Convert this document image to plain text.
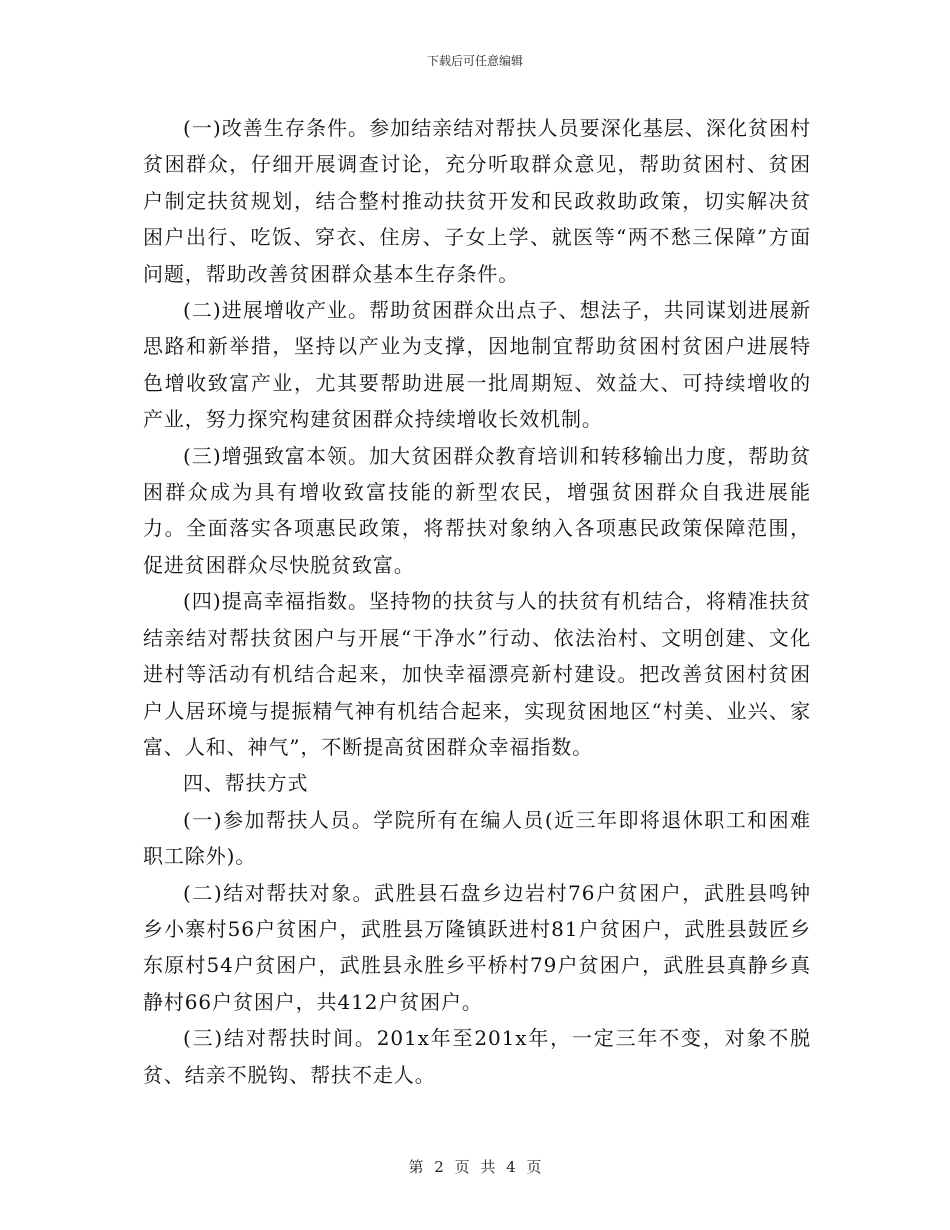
下载后可任意编辑

(一)改善生存条件。参加结亲结对帮扶人员要深化基层、深化贫困村贫困群众，仔细开展调查讨论，充分听取群众意见，帮助贫困村、贫困户制定扶贫规划，结合整村推动扶贫开发和民政救助政策，切实解决贫困户出行、吃饭、穿衣、住房、子女上学、就医等“两不愁三保障”方面问题，帮助改善贫困群众基本生存条件。

(二)进展增收产业。帮助贫困群众出点子、想法子，共同谋划进展新思路和新举措，坚持以产业为支撑，因地制宜帮助贫困村贫困户进展特色增收致富产业，尤其要帮助进展一批周期短、效益大、可持续增收的产业，努力探究构建贫困群众持续增收长效机制。

(三)增强致富本领。加大贫困群众教育培训和转移输出力度，帮助贫困群众成为具有增收致富技能的新型农民，增强贫困群众自我进展能力。全面落实各项惠民政策，将帮扶对象纳入各项惠民政策保障范围，促进贫困群众尽快脱贫致富。

(四)提高幸福指数。坚持物的扶贫与人的扶贫有机结合，将精准扶贫结亲结对帮扶贫困户与开展“干净水”行动、依法治村、文明创建、文化进村等活动有机结合起来，加快幸福漂亮新村建设。把改善贫困村贫困户人居环境与提振精气神有机结合起来，实现贫困地区“村美、业兴、家富、人和、神气”，不断提高贫困群众幸福指数。

四、帮扶方式

(一)参加帮扶人员。学院所有在编人员(近三年即将退休职工和困难职工除外)。

(二)结对帮扶对象。武胜县石盘乡边岩村76户贫困户，武胜县鸣钟乡小寨村56户贫困户，武胜县万隆镇跃进村81户贫困户，武胜县鼓匠乡东原村54户贫困户，武胜县永胜乡平桥村79户贫困户，武胜县真静乡真静村66户贫困户，共412户贫困户。

(三)结对帮扶时间。201x年至201x年，一定三年不变，对象不脱贫、结亲不脱钩、帮扶不走人。

第 2 页 共 4 页
